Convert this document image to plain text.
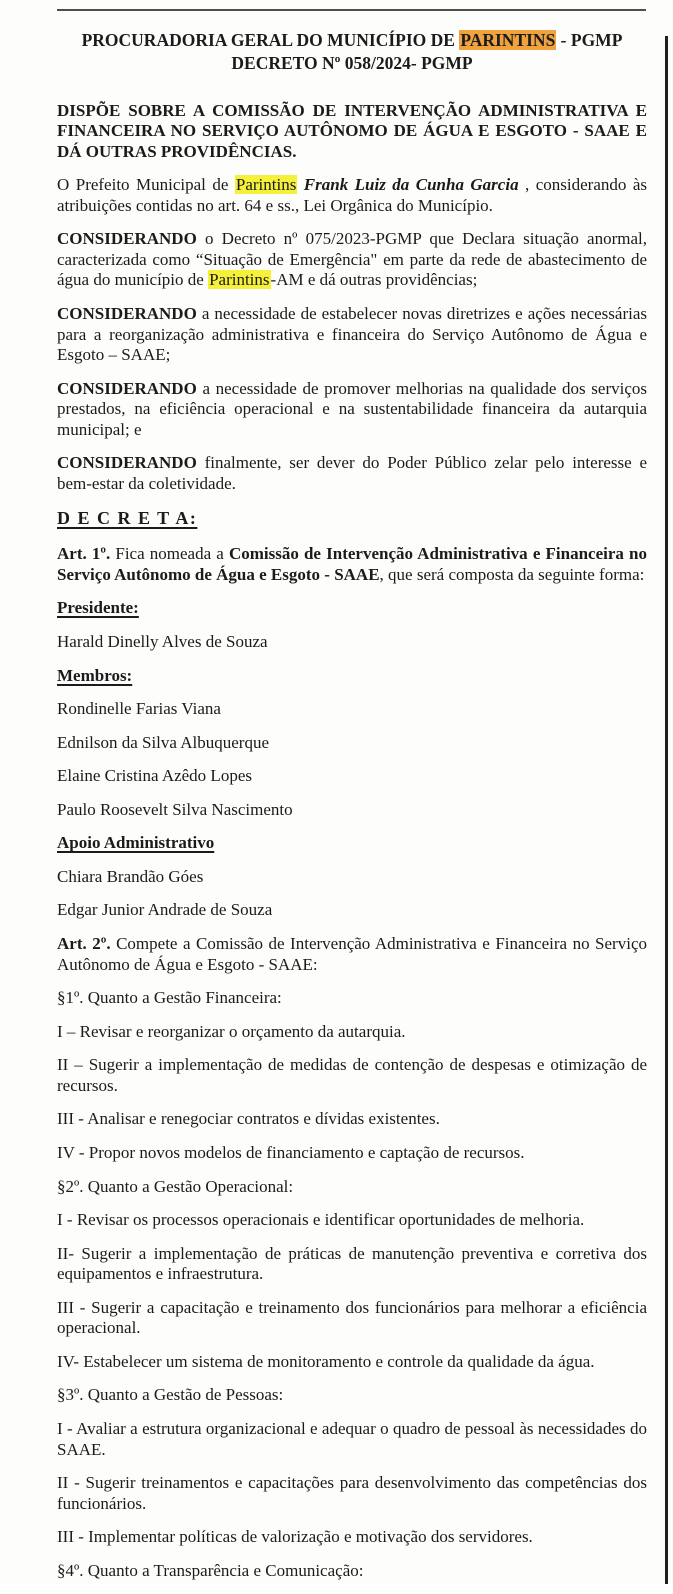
PROCURADORIA GERAL DO MUNICÍPIO DE PARINTINS - PGMP
DECRETO Nº 058/2024- PGMP

DISPÕE SOBRE A COMISSÃO DE INTERVENÇÃO ADMINISTRATIVA E FINANCEIRA NO SERVIÇO AUTÔNOMO DE ÁGUA E ESGOTO - SAAE E DÁ OUTRAS PROVIDÊNCIAS.

O Prefeito Municipal de Parintins Frank Luiz da Cunha Garcia , considerando às atribuições contidas no art. 64 e ss., Lei Orgânica do Município.

CONSIDERANDO o Decreto nº 075/2023-PGMP que Declara situação anormal, caracterizada como “Situação de Emergência" em parte da rede de abastecimento de água do município de Parintins-AM e dá outras providências;

CONSIDERANDO a necessidade de estabelecer novas diretrizes e ações necessárias para a reorganização administrativa e financeira do Serviço Autônomo de Água e Esgoto – SAAE;

CONSIDERANDO a necessidade de promover melhorias na qualidade dos serviços prestados, na eficiência operacional e na sustentabilidade financeira da autarquia municipal; e

CONSIDERANDO finalmente, ser dever do Poder Público zelar pelo interesse e bem-estar da coletividade.

D E C R E T A:

Art. 1º. Fica nomeada a Comissão de Intervenção Administrativa e Financeira no Serviço Autônomo de Água e Esgoto - SAAE, que será composta da seguinte forma:

Presidente:

Harald Dinelly Alves de Souza

Membros:

Rondinelle Farias Viana

Ednilson da Silva Albuquerque

Elaine Cristina Azêdo Lopes

Paulo Roosevelt Silva Nascimento

Apoio Administrativo

Chiara Brandão Góes

Edgar Junior Andrade de Souza

Art. 2º. Compete a Comissão de Intervenção Administrativa e Financeira no Serviço Autônomo de Água e Esgoto - SAAE:

§1º. Quanto a Gestão Financeira:

I – Revisar e reorganizar o orçamento da autarquia.

II – Sugerir a implementação de medidas de contenção de despesas e otimização de recursos.

III - Analisar e renegociar contratos e dívidas existentes.

IV - Propor novos modelos de financiamento e captação de recursos.

§2º. Quanto a Gestão Operacional:

I - Revisar os processos operacionais e identificar oportunidades de melhoria.

II- Sugerir a implementação de práticas de manutenção preventiva e corretiva dos equipamentos e infraestrutura.

III - Sugerir a capacitação e treinamento dos funcionários para melhorar a eficiência operacional.

IV- Estabelecer um sistema de monitoramento e controle da qualidade da água.

§3º. Quanto a Gestão de Pessoas:

I - Avaliar a estrutura organizacional e adequar o quadro de pessoal às necessidades do SAAE.

II - Sugerir treinamentos e capacitações para desenvolvimento das competências dos funcionários.

III - Implementar políticas de valorização e motivação dos servidores.

§4º. Quanto a Transparência e Comunicação:
